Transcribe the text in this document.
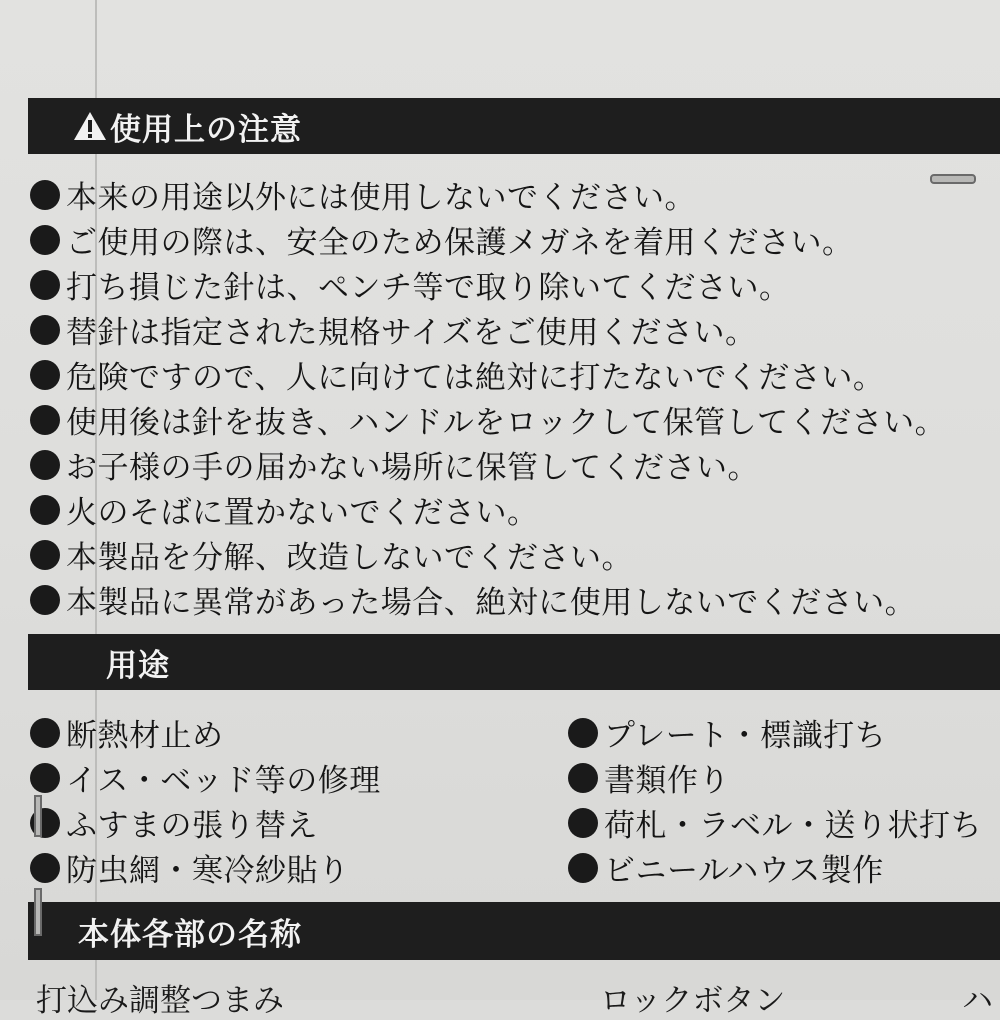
使用上の注意
本来の用途以外には使用しないでください。
ご使用の際は、安全のため保護メガネを着用ください。
打ち損じた針は、ペンチ等で取り除いてください。
替針は指定された規格サイズをご使用ください。
危険ですので、人に向けては絶対に打たないでください。
使用後は針を抜き、ハンドルをロックして保管してください。
お子様の手の届かない場所に保管してください。
火のそばに置かないでください。
本製品を分解、改造しないでください。
本製品に異常があった場合、絶対に使用しないでください。
用途
断熱材止め
イス・ベッド等の修理
ふすまの張り替え
防虫網・寒冷紗貼り
プレート・標識打ち
書類作り
荷札・ラベル・送り状打ち
ビニールハウス製作
本体各部の名称
打込み調整つまみ	ロックボタン	ハ
